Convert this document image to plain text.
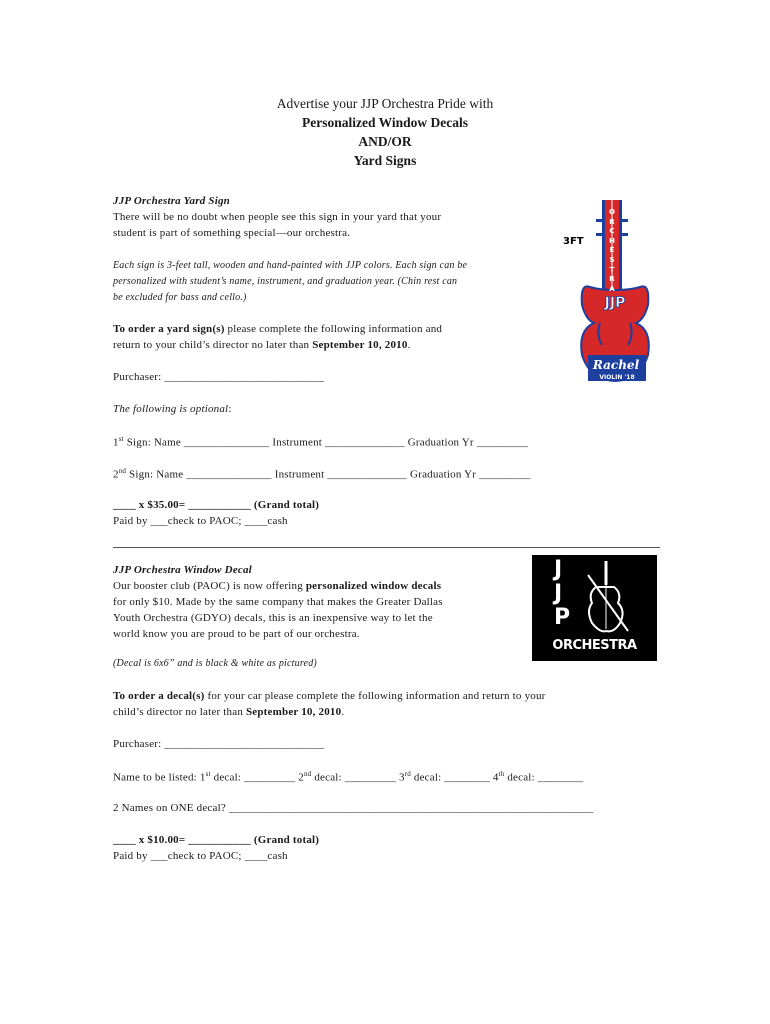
Advertise your JJP Orchestra Pride with
Personalized Window Decals
AND/OR
Yard Signs
JJP Orchestra Yard Sign
There will be no doubt when people see this sign in your yard that your
student is part of something special—our orchestra.
Each sign is 3-feet tall, wooden and hand-painted with JJP colors. Each sign can be
personalized with student’s name, instrument, and graduation year. (Chin rest can
be excluded for bass and cello.)
To order a yard sign(s) please complete the following information and
return to your child’s director no later than September 10, 2010.
Purchaser: ____________________________
The following is optional:
1st Sign: Name _______________ Instrument ______________ Graduation Yr _________
2nd Sign: Name _______________ Instrument ______________ Graduation Yr _________
____ x $35.00= ___________ (Grand total)
Paid by ___check to PAOC; ____cash
3FT
JJP
Rachel
VIOLIN '18
O
R
C
H
E
S
T
R
A
JJP Orchestra Window Decal
Our booster club (PAOC) is now offering personalized window decals
for only $10. Made by the same company that makes the Greater Dallas
Youth Orchestra (GDYO) decals, this is an inexpensive way to let the
world know you are proud to be part of our orchestra.
(Decal is 6x6” and is black & white as pictured)
J
J
P
ORCHESTRA
To order a decal(s) for your car please complete the following information and return to your
child’s director no later than September 10, 2010.
Purchaser: ____________________________
Name to be listed: 1st decal: _________ 2nd decal: _________ 3rd decal: ________ 4th decal: ________
2 Names on ONE decal? ________________________________________________________________
____ x $10.00= ___________ (Grand total)
Paid by ___check to PAOC; ____cash
